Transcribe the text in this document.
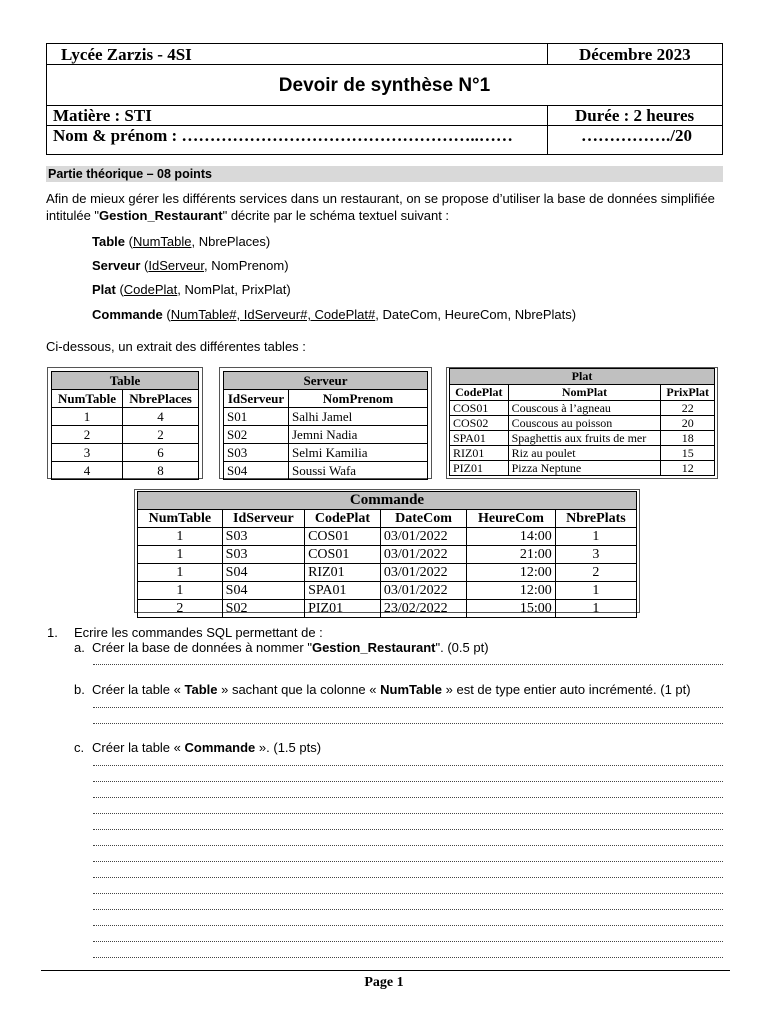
Lycée Zarzis - 4SI	Décembre 2023
Devoir de synthèse N°1
Matière : STI	Durée : 2 heures
Nom & prénom : ……………………………………………..……	……………./20
Partie théorique – 08 points
Afin de mieux gérer les différents services dans un restaurant, on se propose d’utiliser la base de données simplifiée
intitulée "Gestion_Restaurant" décrite par le schéma textuel suivant :
Table (NumTable, NbrePlaces)
Serveur (IdServeur, NomPrenom)
Plat (CodePlat, NomPlat, PrixPlat)
Commande (NumTable#, IdServeur#, CodePlat#, DateCom, HeureCom, NbrePlats)
Ci-dessous, un extrait des différentes tables :
Table	
NumTable	NbrePlaces
1	4
2	2
3	6
4	8
Serveur	
IdServeur	NomPrenom
S01	Salhi Jamel
S02	Jemni Nadia
S03	Selmi Kamilia
S04	Soussi Wafa
Plat		
CodePlat	NomPlat	PrixPlat
COS01	Couscous à l’agneau	22
COS02	Couscous au poisson	20
SPA01	Spaghettis aux fruits de mer	18
RIZ01	Riz au poulet	15
PIZ01	Pizza Neptune	12
Commande					
NumTable	IdServeur	CodePlat	DateCom	HeureCom	NbrePlats
1	S03	COS01	03/01/2022	14:00	1
1	S03	COS01	03/01/2022	21:00	3
1	S04	RIZ01	03/01/2022	12:00	2
1	S04	SPA01	03/01/2022	12:00	1
2	S02	PIZ01	23/02/2022	15:00	1
1. Ecrire les commandes SQL permettant de :
a. Créer la base de données à nommer "Gestion_Restaurant". (0.5 pt)
b. Créer la table « Table » sachant que la colonne « NumTable » est de type entier auto incrémenté. (1 pt)
c. Créer la table « Commande ». (1.5 pts)
Page 1
